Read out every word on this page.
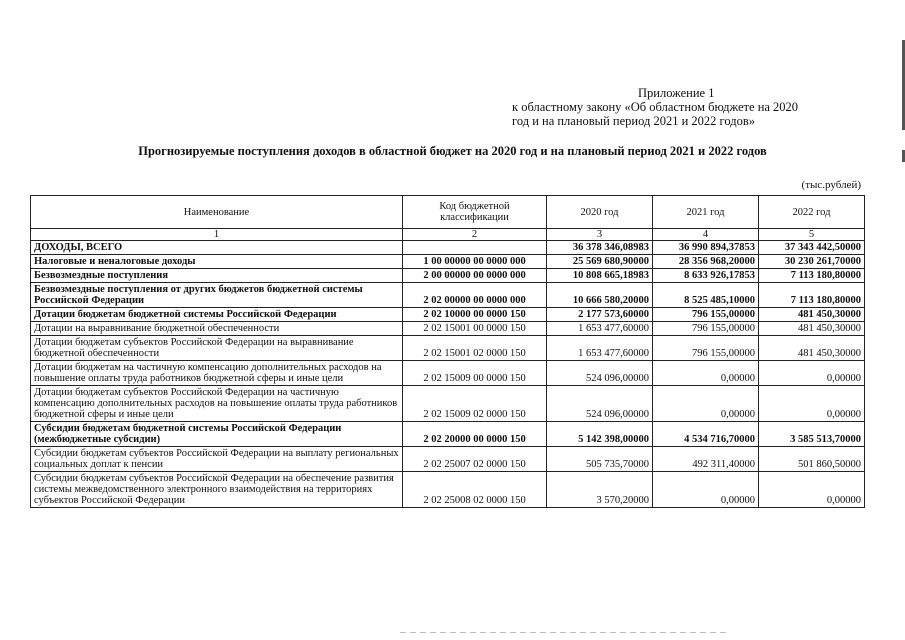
Приложение 1
к областному закону «Об областном бюджете на 2020
год и на плановый период 2021 и 2022 годов»
Прогнозируемые поступления доходов в областной бюджет на 2020 год и на плановый период 2021 и 2022 годов
(тыс.рублей)
Наименование	Код бюджетной классификации	2020 год	2021 год	2022 год
1	2	3	4	5
ДОХОДЫ, ВСЕГО		36 378 346,08983	36 990 894,37853	37 343 442,50000
Налоговые и неналоговые доходы	1 00 00000 00 0000 000	25 569 680,90000	28 356 968,20000	30 230 261,70000
Безвозмездные поступления	2 00 00000 00 0000 000	10 808 665,18983	8 633 926,17853	7 113 180,80000
Безвозмездные поступления от других бюджетов бюджетной системы Российской Федерации	2 02 00000 00 0000 000	10 666 580,20000	8 525 485,10000	7 113 180,80000
Дотации бюджетам бюджетной системы Российской Федерации	2 02 10000 00 0000 150	2 177 573,60000	796 155,00000	481 450,30000
Дотации на выравнивание бюджетной обеспеченности	2 02 15001 00 0000 150	1 653 477,60000	796 155,00000	481 450,30000
Дотации бюджетам субъектов Российской Федерации на выравнивание бюджетной обеспеченности	2 02 15001 02 0000 150	1 653 477,60000	796 155,00000	481 450,30000
Дотации бюджетам на частичную компенсацию дополнительных расходов на повышение оплаты труда работников бюджетной сферы и иные цели	2 02 15009 00 0000 150	524 096,00000	0,00000	0,00000
Дотации бюджетам субъектов Российской Федерации на частичную компенсацию дополнительных расходов на повышение оплаты труда работников бюджетной сферы и иные цели	2 02 15009 02 0000 150	524 096,00000	0,00000	0,00000
Субсидии бюджетам бюджетной системы Российской Федерации (межбюджетные субсидии)	2 02 20000 00 0000 150	5 142 398,00000	4 534 716,70000	3 585 513,70000
Субсидии бюджетам субъектов Российской Федерации на выплату региональных социальных доплат к пенсии	2 02 25007 02 0000 150	505 735,70000	492 311,40000	501 860,50000
Субсидии бюджетам субъектов Российской Федерации на обеспечение развития системы межведомственного электронного взаимодействия на территориях субъектов Российской Федерации	2 02 25008 02 0000 150	3 570,20000	0,00000	0,00000
